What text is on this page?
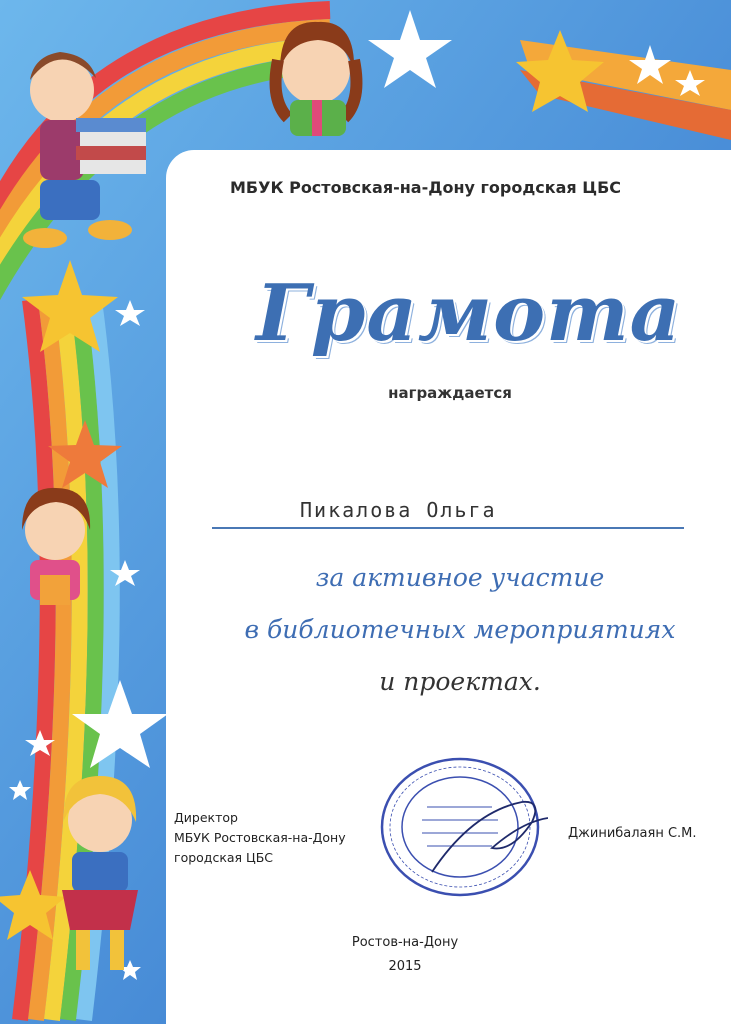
МБУК Ростовская-на-Дону городская ЦБС
Грамота
награждается
Пикалова Ольга
за активное участие
в библиотечных мероприятиях
и проектах.
Директор
МБУК Ростовская-на-Дону
городская ЦБС
Джинибалаян С.М.
Ростов-на-Дону
2015
